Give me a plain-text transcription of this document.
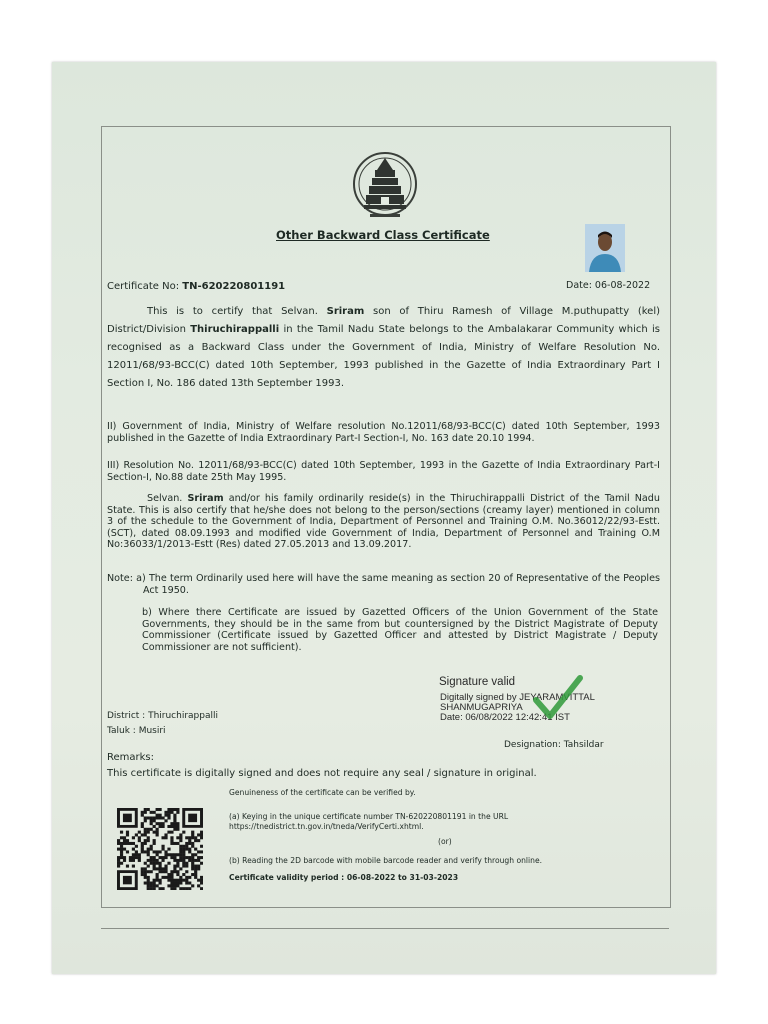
Other Backward Class Certificate
Certificate No: TN-620220801191	Date: 06-08-2022

This is to certify that Selvan. Sriram son of Thiru Ramesh of Village M.puthupatty (kel) District/Division Thiruchirappalli in the Tamil Nadu State belongs to the Ambalakarar Community which is recognised as a Backward Class under the Government of India, Ministry of Welfare Resolution No. 12011/68/93-BCC(C) dated 10th September, 1993 published in the Gazette of India Extraordinary Part I Section I, No. 186 dated 13th September 1993.

II) Government of India, Ministry of Welfare resolution No.12011/68/93-BCC(C) dated 10th September, 1993 published in the Gazette of India Extraordinary Part-I Section-I, No. 163 date 20.10 1994.

III) Resolution No. 12011/68/93-BCC(C) dated 10th September, 1993 in the Gazette of India Extraordinary Part-I Section-I, No.88 date 25th May 1995.

Selvan. Sriram and/or his family ordinarily reside(s) in the Thiruchirappalli District of the Tamil Nadu State. This is also certify that he/she does not belong to the person/sections (creamy layer) mentioned in column 3 of the schedule to the Government of India, Department of Personnel and Training O.M. No.36012/22/93-Estt.(SCT), dated 08.09.1993 and modified vide Government of India, Department of Personnel and Training O.M No:36033/1/2013-Estt (Res) dated 27.05.2013 and 13.09.2017.

Note: a) The term Ordinarily used here will have the same meaning as section 20 of Representative of the Peoples Act 1950.

b) Where there Certificate are issued by Gazetted Officers of the Union Government of the State Governments, they should be in the same from but countersigned by the District Magistrate of Deputy Commissioner (Certificate issued by Gazetted Officer and attested by District Magistrate / Deputy Commissioner are not sufficient).

Signature valid
Digitally signed by JEYARAMVITTAL
SHANMUGAPRIYA
Date: 06/08/2022 12:42:41 IST
District : Thiruchirappalli
Taluk : Musiri
Designation: Tahsildar
Remarks:
This certificate is digitally signed and does not require any seal / signature in original.
Genuineness of the certificate can be verified by.

(a) Keying in the unique certificate number TN-620220801191 in the URL https://tnedistrict.tn.gov.in/tneda/VerifyCerti.xhtml.

(or)
(b) Reading the 2D barcode with mobile barcode reader and verify through online.
Certificate validity period : 06-08-2022 to 31-03-2023
